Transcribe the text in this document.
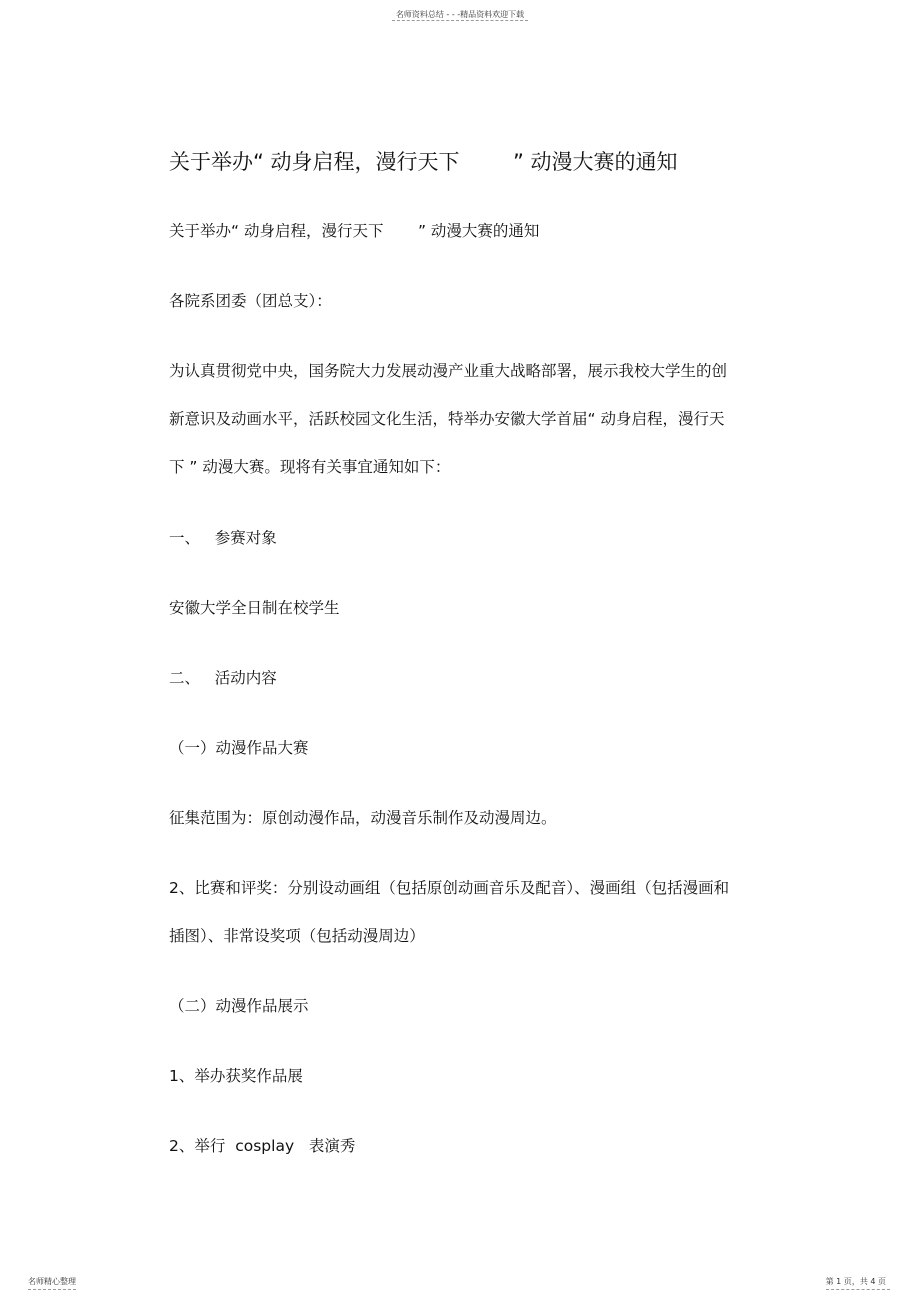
名师资料总结 - - -精品资料欢迎下载
关于举办“ 动身启程，漫行天下        ” 动漫大赛的通知

关于举办“ 动身启程，漫行天下       ” 动漫大赛的通知

各院系团委（团总支）：

为认真贯彻党中央，国务院大力发展动漫产业重大战略部署，展示我校大学生的创

新意识及动画水平，活跃校园文化生活，特举办安徽大学首届“ 动身启程，漫行天

下 ” 动漫大赛。现将有关事宜通知如下：

一、   参赛对象

安徽大学全日制在校学生

二、   活动内容

（一）动漫作品大赛

征集范围为：原创动漫作品，动漫音乐制作及动漫周边。

2、比赛和评奖：分别设动画组（包括原创动画音乐及配音）、漫画组（包括漫画和

插图）、非常设奖项（包括动漫周边）

（二）动漫作品展示

1、举办获奖作品展

2、举行  cosplay   表演秀

名师精心整理	第 1 页，共 4 页
